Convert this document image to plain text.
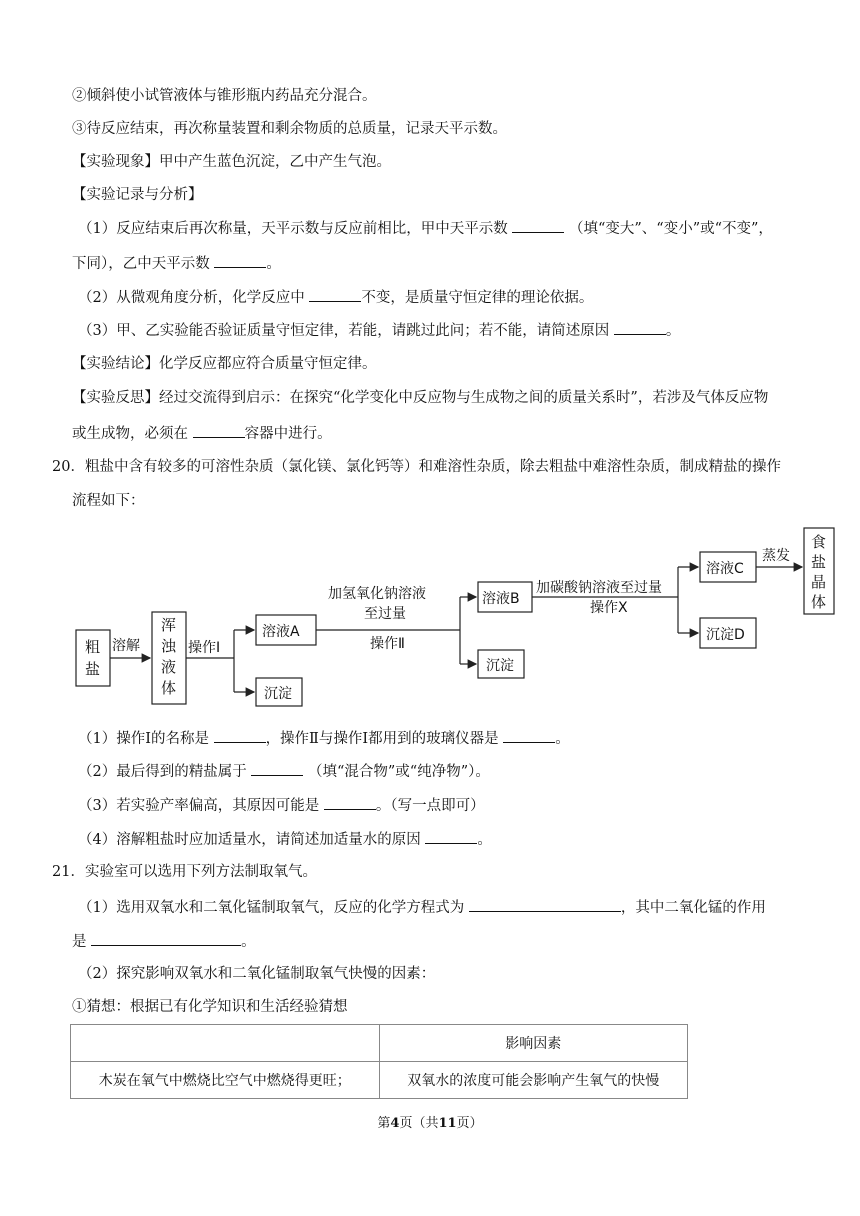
②倾斜使小试管液体与锥形瓶内药品充分混合。
③待反应结束，再次称量装置和剩余物质的总质量，记录天平示数。
【实验现象】甲中产生蓝色沉淀，乙中产生气泡。
【实验记录与分析】
（1）反应结束后再次称量，天平示数与反应前相比，甲中天平示数	（填“变大”、“变小”或“不变”，
下同），乙中天平示数	。
（2）从微观角度分析，化学反应中	不变，是质量守恒定律的理论依据。
（3）甲、乙实验能否验证质量守恒定律，若能，请跳过此问；若不能，请简述原因	。
【实验结论】化学反应都应符合质量守恒定律。
【实验反思】经过交流得到启示：在探究“化学变化中反应物与生成物之间的质量关系时”，若涉及气体反应物
或生成物，必须在	容器中进行。
20．粗盐中含有较多的可溶性杂质（氯化镁、氯化钙等）和难溶性杂质，除去粗盐中难溶性杂质，制成精盐的操作
流程如下：
粗
盐
溶解
浑
浊
液
体
操作I
溶液A
沉淀
加氢氧化钠溶液
至过量
操作Ⅱ
溶液B
沉淀
加碳酸钠溶液至过量
操作X
溶液C
沉淀D
蒸发
食
盐
晶
体
（1）操作Ⅰ的名称是	，操作Ⅱ与操作Ⅰ都用到的玻璃仪器是	。
（2）最后得到的精盐属于	（填“混合物”或“纯净物”）。
（3）若实验产率偏高，其原因可能是	。（写一点即可）
（4）溶解粗盐时应加适量水，请简述加适量水的原因	。
21．实验室可以选用下列方法制取氧气。
（1）选用双氧水和二氧化锰制取氧气，反应的化学方程式为	，其中二氧化锰的作用
是	。
（2）探究影响双氧水和二氧化锰制取氧气快慢的因素：
①猜想：根据已有化学知识和生活经验猜想
	影响因素
木炭在氧气中燃烧比空气中燃烧得更旺；	双氧水的浓度可能会影响产生氧气的快慢
第4页（共11页）
